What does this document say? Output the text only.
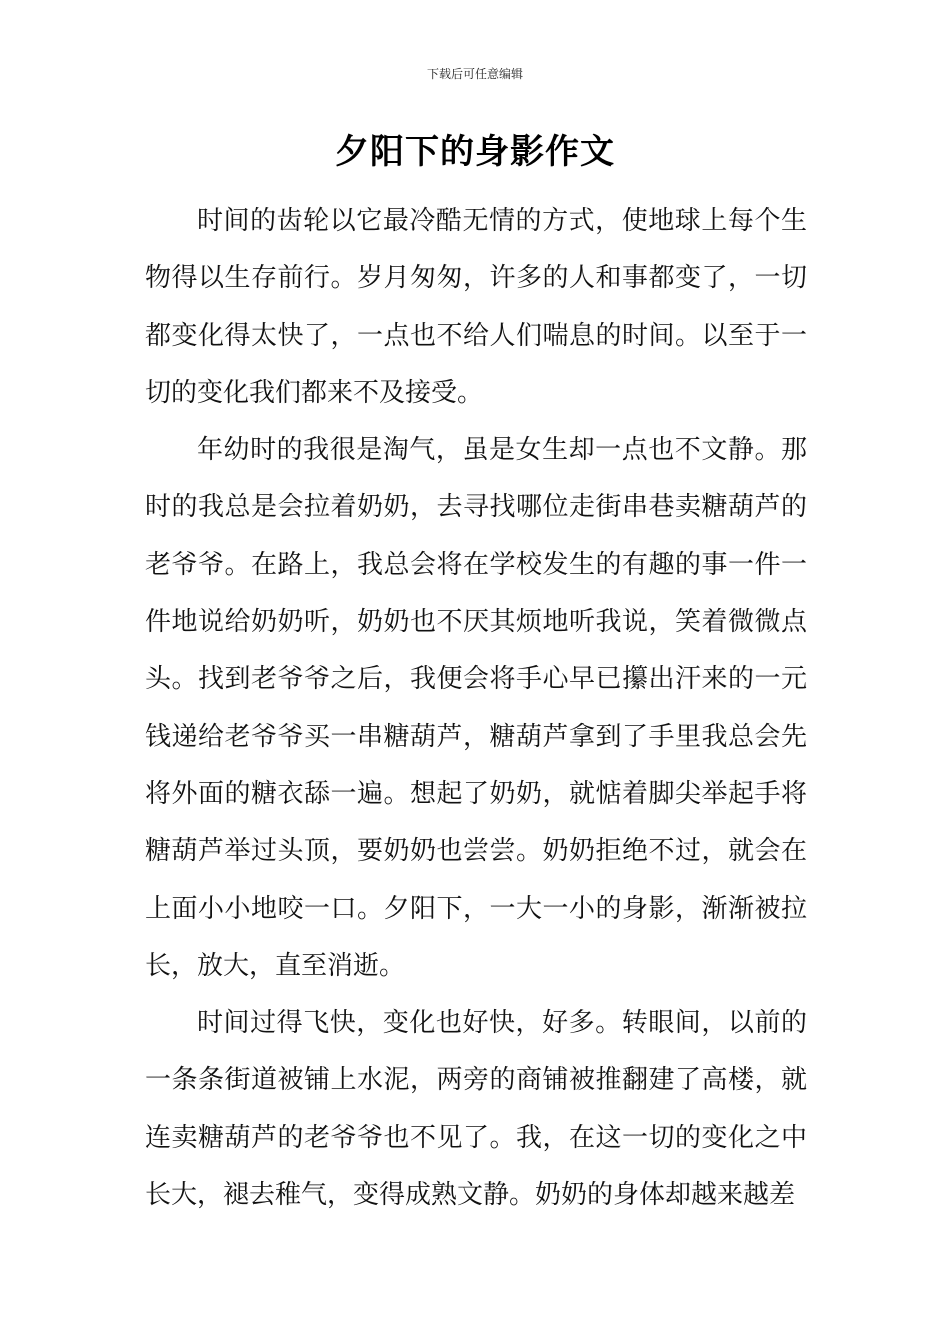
下载后可任意编辑
夕阳下的身影作文

时间的齿轮以它最冷酷无情的方式，使地球上每个生物得以生存前行。岁月匆匆，许多的人和事都变了，一切都变化得太快了，一点也不给人们喘息的时间。以至于一切的变化我们都来不及接受。

年幼时的我很是淘气，虽是女生却一点也不文静。那时的我总是会拉着奶奶，去寻找哪位走街串巷卖糖葫芦的老爷爷。在路上，我总会将在学校发生的有趣的事一件一件地说给奶奶听，奶奶也不厌其烦地听我说，笑着微微点头。找到老爷爷之后，我便会将手心早已攥出汗来的一元钱递给老爷爷买一串糖葫芦，糖葫芦拿到了手里我总会先将外面的糖衣舔一遍。想起了奶奶，就惦着脚尖举起手将糖葫芦举过头顶，要奶奶也尝尝。奶奶拒绝不过，就会在上面小小地咬一口。夕阳下，一大一小的身影，渐渐被拉长，放大，直至消逝。

时间过得飞快，变化也好快，好多。转眼间，以前的一条条街道被铺上水泥，两旁的商铺被推翻建了高楼，就连卖糖葫芦的老爷爷也不见了。我，在这一切的变化之中长大，褪去稚气，变得成熟文静。奶奶的身体却越来越差
